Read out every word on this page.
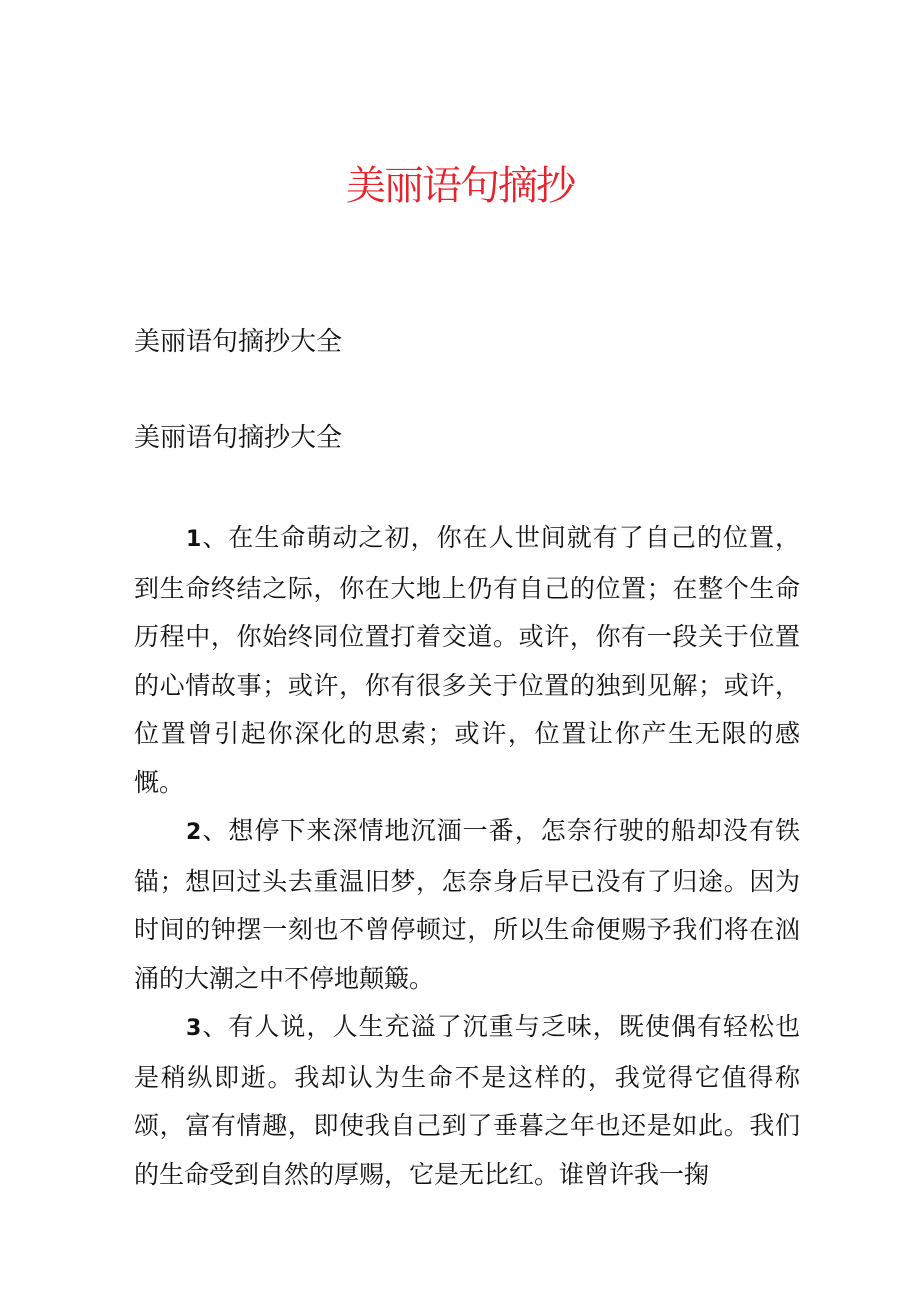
美丽语句摘抄

美丽语句摘抄大全

美丽语句摘抄大全

1、在生命萌动之初，你在人世间就有了自己的位置，到生命终结之际，你在大地上仍有自己的位置；在整个生命历程中，你始终同位置打着交道。或许，你有一段关于位置的心情故事；或许，你有很多关于位置的独到见解；或许，位置曾引起你深化的思索；或许，位置让你产生无限的感慨。

2、想停下来深情地沉湎一番，怎奈行驶的船却没有铁锚；想回过头去重温旧梦，怎奈身后早已没有了归途。因为时间的钟摆一刻也不曾停顿过，所以生命便赐予我们将在汹涌的大潮之中不停地颠簸。

3、有人说，人生充溢了沉重与乏味，既使偶有轻松也是稍纵即逝。我却认为生命不是这样的，我觉得它值得称颂，富有情趣，即使我自己到了垂暮之年也还是如此。我们的生命受到自然的厚赐，它是无比红。谁曾许我一掬
